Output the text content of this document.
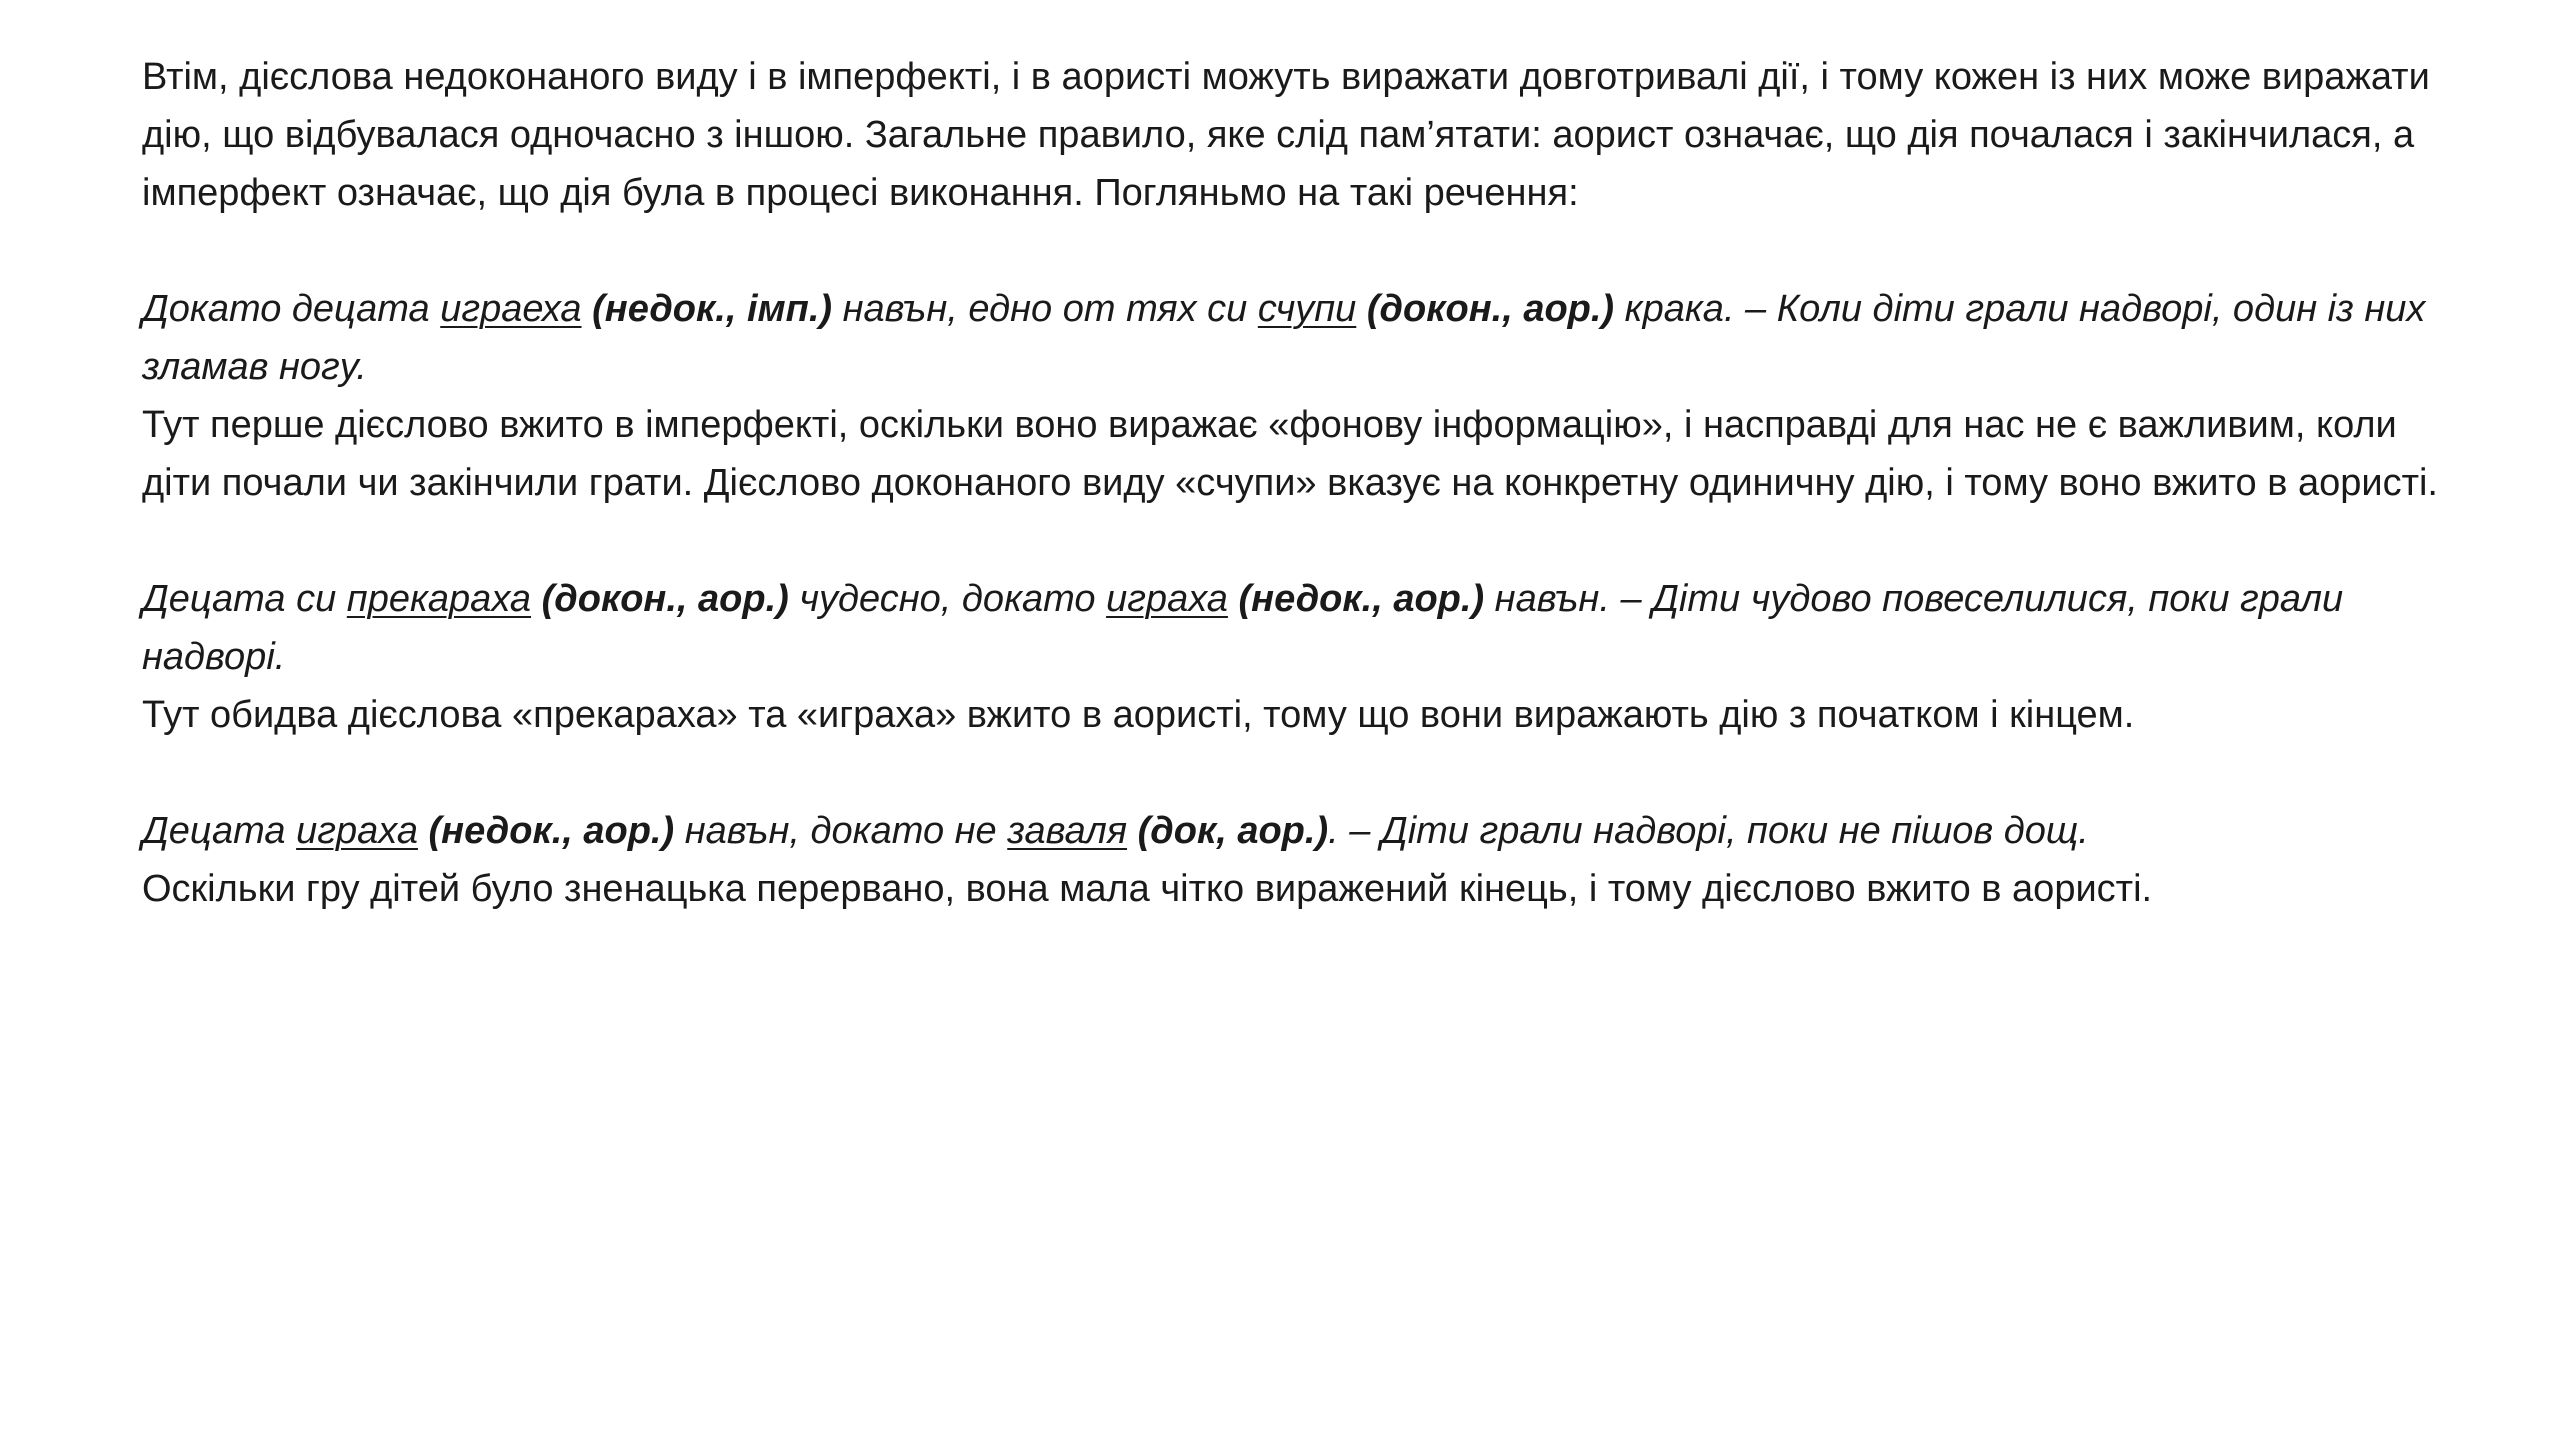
Втім, дієслова недоконаного виду і в імперфекті, і в аористі можуть виражати довготривалі дії, і тому кожен із них може виражати дію, що відбувалася одночасно з іншою. Загальне правило, яке слід пам’ятати: аорист означає, що дія почалася і закінчилася, а імперфект означає, що дія була в процесі виконання. Погляньмо на такі речення:

Докато децата играеха (недок., імп.) навън, едно от тях си счупи (докон., аор.) крака. – Коли діти грали надворі, один із них зламав ногу.

Тут перше дієслово вжито в імперфекті, оскільки воно виражає «фонову інформацію», і насправді для нас не є важливим, коли діти почали чи закінчили грати. Дієслово доконаного виду «счупи» вказує на конкретну одиничну дію, і тому воно вжито в аористі.

Децата си прекараха (докон., аор.) чудесно, докато играха (недок., аор.) навън. – Діти чудово повеселилися, поки грали надворі.

Тут обидва дієслова «прекараха» та «играха» вжито в аористі, тому що вони виражають дію з початком і кінцем.

Децата играха (недок., аор.) навън, докато не заваля (док, аор.). – Діти грали надворі, поки не пішов дощ.

Оскільки гру дітей було зненацька перервано, вона мала чітко виражений кінець, і тому дієслово вжито в аористі.
